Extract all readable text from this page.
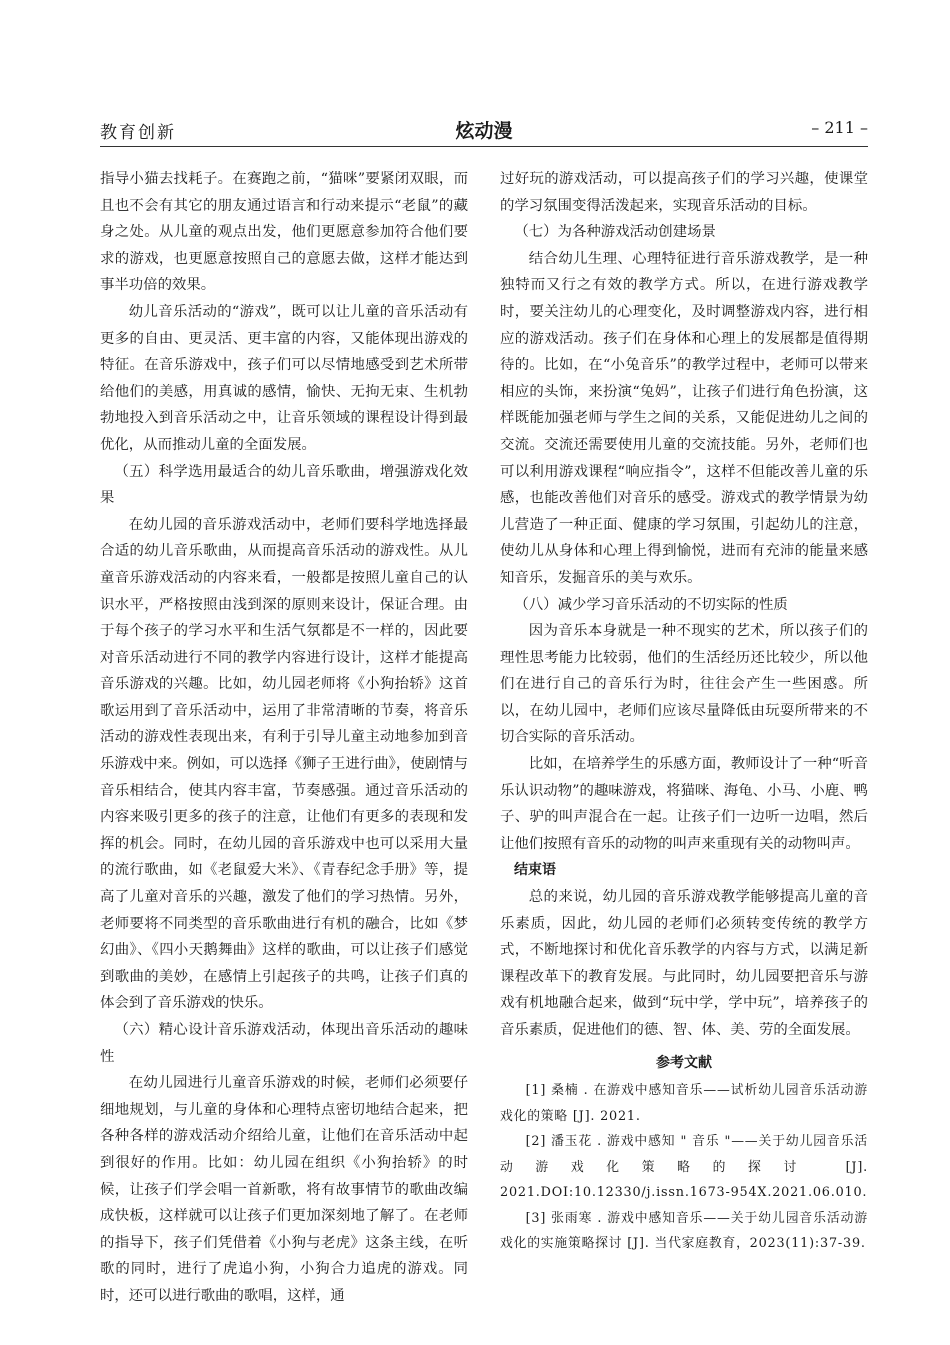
教育创新	炫动漫	– 211 –

指导小猫去找耗子。在赛跑之前，“猫咪”要紧闭双眼，而且也不会有其它的朋友通过语言和行动来提示“老鼠”的藏身之处。从儿童的观点出发，他们更愿意参加符合他们要求的游戏，也更愿意按照自己的意愿去做，这样才能达到事半功倍的效果。

幼儿音乐活动的“游戏”，既可以让儿童的音乐活动有更多的自由、更灵活、更丰富的内容，又能体现出游戏的特征。在音乐游戏中，孩子们可以尽情地感受到艺术所带给他们的美感，用真诚的感情，愉快、无拘无束、生机勃勃地投入到音乐活动之中，让音乐领域的课程设计得到最优化，从而推动儿童的全面发展。

（五）科学选用最适合的幼儿音乐歌曲，增强游戏化效果

在幼儿园的音乐游戏活动中，老师们要科学地选择最合适的幼儿音乐歌曲，从而提高音乐活动的游戏性。从儿童音乐游戏活动的内容来看，一般都是按照儿童自己的认识水平，严格按照由浅到深的原则来设计，保证合理。由于每个孩子的学习水平和生活气氛都是不一样的，因此要对音乐活动进行不同的教学内容进行设计，这样才能提高音乐游戏的兴趣。比如，幼儿园老师将《小狗抬轿》这首歌运用到了音乐活动中，运用了非常清晰的节奏，将音乐活动的游戏性表现出来，有利于引导儿童主动地参加到音乐游戏中来。例如，可以选择《狮子王进行曲》，使剧情与音乐相结合，使其内容丰富，节奏感强。通过音乐活动的内容来吸引更多的孩子的注意，让他们有更多的表现和发挥的机会。同时，在幼儿园的音乐游戏中也可以采用大量的流行歌曲，如《老鼠爱大米》、《青春纪念手册》等，提高了儿童对音乐的兴趣，激发了他们的学习热情。另外，老师要将不同类型的音乐歌曲进行有机的融合，比如《梦幻曲》、《四小天鹅舞曲》这样的歌曲，可以让孩子们感觉到歌曲的美妙，在感情上引起孩子的共鸣，让孩子们真的体会到了音乐游戏的快乐。

（六）精心设计音乐游戏活动，体现出音乐活动的趣味性

在幼儿园进行儿童音乐游戏的时候，老师们必须要仔细地规划，与儿童的身体和心理特点密切地结合起来，把各种各样的游戏活动介绍给儿童，让他们在音乐活动中起到很好的作用。比如：幼儿园在组织《小狗抬轿》的时候，让孩子们学会唱一首新歌，将有故事情节的歌曲改编成快板，这样就可以让孩子们更加深刻地了解了。在老师的指导下，孩子们凭借着《小狗与老虎》这条主线，在听歌的同时，进行了虎追小狗，小狗合力追虎的游戏。同时，还可以进行歌曲的歌唱，这样，通

过好玩的游戏活动，可以提高孩子们的学习兴趣，使课堂的学习氛围变得活泼起来，实现音乐活动的目标。

（七）为各种游戏活动创建场景

结合幼儿生理、心理特征进行音乐游戏教学，是一种独特而又行之有效的教学方式。所以，在进行游戏教学时，要关注幼儿的心理变化，及时调整游戏内容，进行相应的游戏活动。孩子们在身体和心理上的发展都是值得期待的。比如，在“小兔音乐”的教学过程中，老师可以带来相应的头饰，来扮演“兔妈”，让孩子们进行角色扮演，这样既能加强老师与学生之间的关系，又能促进幼儿之间的交流。交流还需要使用儿童的交流技能。另外，老师们也可以利用游戏课程“响应指令”，这样不但能改善儿童的乐感，也能改善他们对音乐的感受。游戏式的教学情景为幼儿营造了一种正面、健康的学习氛围，引起幼儿的注意，使幼儿从身体和心理上得到愉悦，进而有充沛的能量来感知音乐，发掘音乐的美与欢乐。

（八）减少学习音乐活动的不切实际的性质

因为音乐本身就是一种不现实的艺术，所以孩子们的理性思考能力比较弱，他们的生活经历还比较少，所以他们在进行自己的音乐行为时，往往会产生一些困惑。所以，在幼儿园中，老师们应该尽量降低由玩耍所带来的不切合实际的音乐活动。

比如，在培养学生的乐感方面，教师设计了一种“听音乐认识动物”的趣味游戏，将猫咪、海龟、小马、小鹿、鸭子、驴的叫声混合在一起。让孩子们一边听一边唱，然后让他们按照有音乐的动物的叫声来重现有关的动物叫声。

结束语

总的来说，幼儿园的音乐游戏教学能够提高儿童的音乐素质，因此，幼儿园的老师们必须转变传统的教学方式，不断地探讨和优化音乐教学的内容与方式，以满足新课程改革下的教育发展。与此同时，幼儿园要把音乐与游戏有机地融合起来，做到“玩中学，学中玩”，培养孩子的音乐素质，促进他们的德、智、体、美、劳的全面发展。

参考文献

[1] 桑楠 . 在游戏中感知音乐——试析幼儿园音乐活动游戏化的策略 [J]. 2021.

[2] 潘玉花 . 游戏中感知 " 音乐 "——关于幼儿园音乐活动游戏化策略的探讨 [J]. 2021.DOI:10.12330/j.issn.1673-954X.2021.06.010.

[3] 张雨寒 . 游戏中感知音乐——关于幼儿园音乐活动游戏化的实施策略探讨 [J]. 当代家庭教育，2023(11):37-39.
